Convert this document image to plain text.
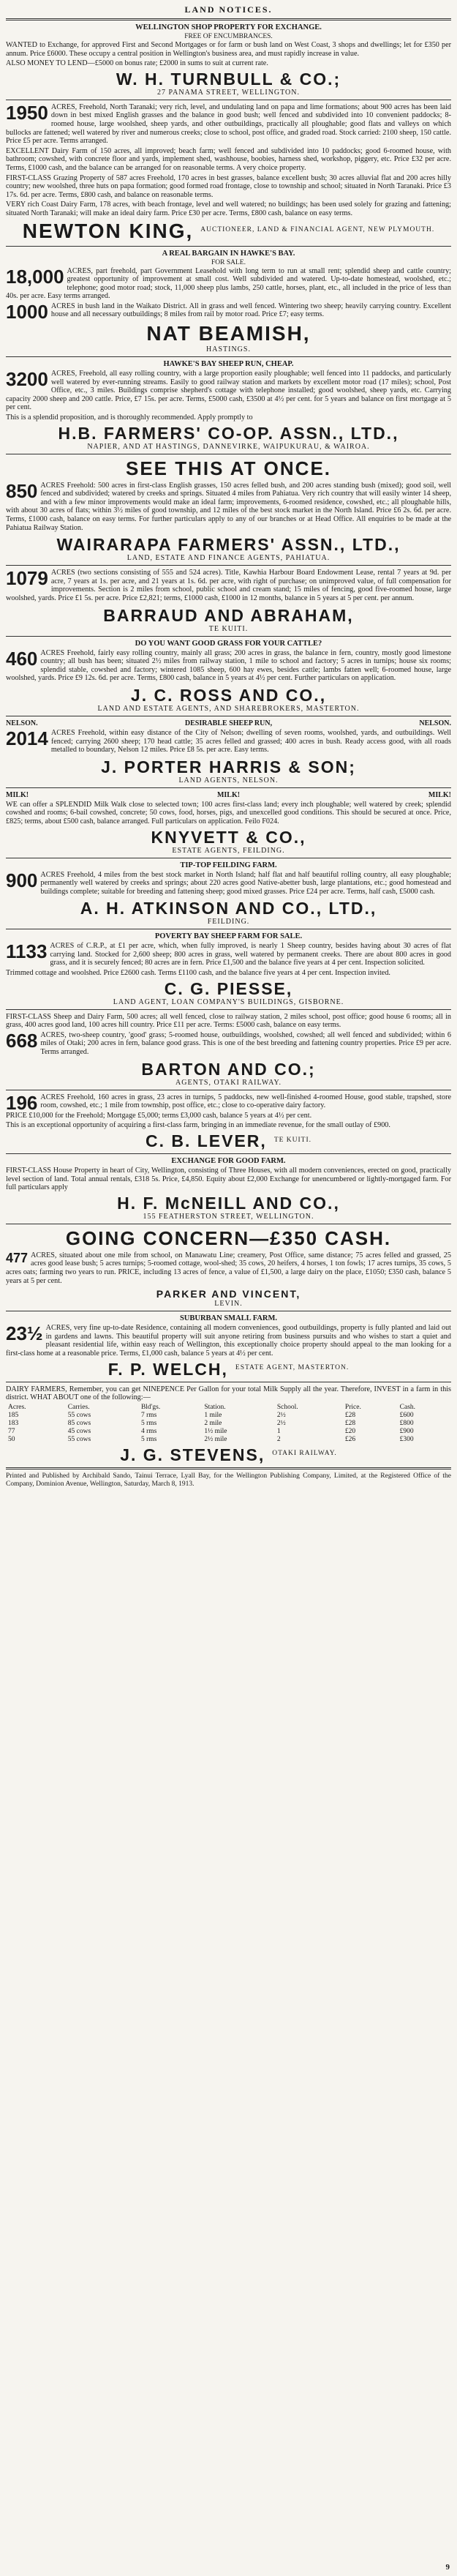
LAND NOTICES.
WELLINGTON SHOP PROPERTY FOR EXCHANGE.
FREE OF ENCUMBRANCES.

WANTED to Exchange, for approved First and Second Mortgages or for farm or bush land on West Coast, 3 shops and dwellings; let for £350 per annum. Price £6000. These occupy a central position in Wellington's business area, and must rapidly increase in value.

ALSO MONEY TO LEND—£5000 on bonus rate; £2000 in sums to suit at current rate.

W. H. TURNBULL & CO.;
27 PANAMA STREET, WELLINGTON.
1950 ACRES, Freehold, North Taranaki; very rich, level, and undulating land on papa and lime formations; about 900 acres has been laid down in best mixed English grasses and the balance in good bush; well fenced and subdivided into 10 convenient paddocks; 8-roomed house, large woolshed, sheep yards, and other outbuildings, practically all ploughable; good flats and valleys on which bullocks are fattened; well watered by river and numerous creeks; close to school, post office, and graded road. Stock carried: 2100 sheep, 150 cattle. Price £5 per acre. Terms arranged.

EXCELLENT Dairy Farm of 150 acres, all improved; beach farm; well fenced and subdivided into 10 paddocks; good 6-roomed house, with bathroom; cowshed, with concrete floor and yards, implement shed, washhouse, boobies, harness shed, workshop, piggery, etc. Price £32 per acre. Terms, £1000 cash, and the balance can be arranged for on reasonable terms. A very choice property.

FIRST-CLASS Grazing Property of 587 acres Freehold, 170 acres in best grasses, balance excellent bush; 30 acres alluvial flat and 200 acres hilly country; new woolshed, three huts on papa formation; good formed road frontage, close to township and school; situated in North Taranaki. Price £3 17s. 6d. per acre. Terms, £800 cash, and balance on reasonable terms.

VERY rich Coast Dairy Farm, 178 acres, with beach frontage, level and well watered; no buildings; has been used solely for grazing and fattening; situated North Taranaki; will make an ideal dairy farm. Price £30 per acre. Terms, £800 cash, balance on easy terms.

NEWTON KING, AUCTIONEER, LAND & FINANCIAL AGENT, NEW PLYMOUTH.
A REAL BARGAIN IN HAWKE'S BAY.
FOR SALE.
18,000 ACRES, part freehold, part Government Leasehold with long term to run at small rent; splendid sheep and cattle country; greatest opportunity of improvement at small cost. Well subdivided and watered. Up-to-date homestead, woolshed, etc.; telephone; good motor road; stock, 11,000 sheep plus lambs, 250 cattle, horses, plant, etc., all included in the price of less than 40s. per acre. Easy terms arranged.

1000 ACRES in bush land in the Waikato District. All in grass and well fenced. Wintering two sheep; heavily carrying country. Excellent house and all necessary outbuildings; 8 miles from rail by motor road. Price £7; easy terms.

NAT BEAMISH,
HASTINGS.
HAWKE'S BAY SHEEP RUN, CHEAP.
3200 ACRES, Freehold, all easy rolling country, with a large proportion easily ploughable; well fenced into 11 paddocks, and particularly well watered by ever-running streams. Easily to good railway station and markets by excellent motor road (17 miles); school, Post Office, etc., 3 miles. Buildings comprise shepherd's cottage with telephone installed; good woolshed, sheep yards, etc. Carrying capacity 2000 sheep and 200 cattle. Price, £7 15s. per acre. Terms, £5000 cash, £3500 at 4½ per cent. for 5 years and balance on first mortgage at 5 per cent.

This is a splendid proposition, and is thoroughly recommended. Apply promptly to

H.B. FARMERS' CO-OP. ASSN., LTD.,
NAPIER, AND AT HASTINGS, DANNEVIRKE, WAIPUKURAU, & WAIROA.
SEE THIS AT ONCE.
850 ACRES Freehold: 500 acres in first-class English grasses, 150 acres felled bush, and 200 acres standing bush (mixed); good soil, well fenced and subdivided; watered by creeks and springs. Situated 4 miles from Pahiatua. Very rich country that will easily winter 14 sheep, and with a few minor improvements would make an ideal farm; improvements, 6-roomed residence, cowshed, etc.; all ploughable hills, with about 30 acres of flats; within 3½ miles of good township, and 12 miles of the best stock market in the North Island. Price £6 2s. 6d. per acre. Terms, £1000 cash, balance on easy terms. For further particulars apply to any of our branches or at Head Office. All enquiries to be made at the Pahiatua Railway Station.

WAIRARAPA FARMERS' ASSN., LTD.,
LAND, ESTATE AND FINANCE AGENTS, PAHIATUA.
1079 ACRES (two sections consisting of 555 and 524 acres). Title, Kawhia Harbour Board Endowment Lease, rental 7 years at 9d. per acre, 7 years at 1s. per acre, and 21 years at 1s. 6d. per acre, with right of purchase; on unimproved value, of full compensation for improvements. Section is 2 miles from school, public school and cream stand; 15 miles of fencing, good five-roomed house, large woolshed, yards. Price £1 5s. per acre. Price £2,821; terms, £1000 cash, £1000 in 12 months, balance in 5 years at 5 per cent. per annum.

BARRAUD AND ABRAHAM,
TE KUITI.
DO YOU WANT GOOD GRASS FOR YOUR CATTLE?
460 ACRES Freehold, fairly easy rolling country, mainly all grass; 200 acres in grass, the balance in fern, country, mostly good limestone country; all bush has been; situated 2½ miles from railway station, 1 mile to school and factory; 5 acres in turnips; house six rooms; splendid stable, cowshed and factory; wintered 1085 sheep, 600 hay ewes, besides cattle; lambs fatten well; 6-roomed house, large woolshed, yards. Price £9 12s. 6d. per acre. Terms, £800 cash, balance in 5 years at 4½ per cent. Further particulars on application.

J. C. ROSS AND CO.,
LAND AND ESTATE AGENTS, AND SHAREBROKERS, MASTERTON.
NELSON.	DESIRABLE SHEEP RUN,	NELSON.
2014 ACRES Freehold, within easy distance of the City of Nelson; dwelling of seven rooms, woolshed, yards, and outbuildings. Well fenced; carrying 2600 sheep; 170 head cattle; 35 acres felled and grassed; 400 acres in bush. Ready access good, with all roads metalled to boundary, Nelson 12 miles. Price £8 5s. per acre. Easy terms.

J. PORTER HARRIS & SON;
LAND AGENTS, NELSON.
MILK!	MILK!	MILK!

WE can offer a SPLENDID Milk Walk close to selected town; 100 acres first-class land; every inch ploughable; well watered by creek; splendid cowshed and rooms; 6-bail cowshed, concrete; 50 cows, food, horses, pigs, and unexcelled good conditions. This should be secured at once. Price, £825; terms, about £500 cash, balance arranged. Full particulars on application. Feilo F024.

KNYVETT & CO.,
ESTATE AGENTS, FEILDING.
TIP-TOP FEILDING FARM.
900 ACRES Freehold, 4 miles from the best stock market in North Island; half flat and half beautiful rolling country, all easy ploughable; permanently well watered by creeks and springs; about 220 acres good Native-abetter bush, large plantations, etc.; good homestead and buildings complete; suitable for breeding and fattening sheep; good mixed grasses. Price £24 per acre. Terms, half cash, £5000 cash.

A. H. ATKINSON AND CO., LTD.,
FEILDING.
POVERTY BAY SHEEP FARM FOR SALE.
1133 ACRES of C.R.P., at £1 per acre, which, when fully improved, is nearly 1 Sheep country, besides having about 30 acres of flat carrying land. Stocked for 2,600 sheep; 800 acres in grass, well watered by permanent creeks. There are about 800 acres in good grass, and it is securely fenced; 80 acres are in fern. Price £1,500 and the balance five years at 4 per cent. Inspection solicited.

Trimmed cottage and woolshed. Price £2600 cash. Terms £1100 cash, and the balance five years at 4 per cent. Inspection invited.

C. G. PIESSE,
LAND AGENT, LOAN COMPANY'S BUILDINGS, GISBORNE.

FIRST-CLASS Sheep and Dairy Farm, 500 acres; all well fenced, close to railway station, 2 miles school, post office; good house 6 rooms; all in grass, 400 acres good land, 100 acres hill country. Price £11 per acre. Terms: £5000 cash, balance on easy terms.

668 ACRES, two-sheep country, 'good' grass; 5-roomed house, outbuildings, woolshed, cowshed; all well fenced and subdivided; within 6 miles of Otaki; 200 acres in fern, balance good grass. This is one of the best breeding and fattening country properties. Price £9 per acre. Terms arranged.

BARTON AND CO.;
AGENTS, OTAKI RAILWAY.
196 ACRES Freehold, 160 acres in grass, 23 acres in turnips, 5 paddocks, new well-finished 4-roomed House, good stable, trapshed, store room, cowshed, etc.; 1 mile from township, post office, etc.; close to co-operative dairy factory.

PRICE £10,000 for the Freehold; Mortgage £5,000; terms £3,000 cash, balance 5 years at 4½ per cent.

This is an exceptional opportunity of acquiring a first-class farm, bringing in an immediate revenue, for the small outlay of £900.

C. B. LEVER, TE KUITI.
EXCHANGE FOR GOOD FARM.

FIRST-CLASS House Property in heart of City, Wellington, consisting of Three Houses, with all modern conveniences, erected on good, practically level section of land. Total annual rentals, £318 5s. Price, £4,850. Equity about £2,000 Exchange for unencumbered or lightly-mortgaged farm. For full particulars apply

H. F. McNEILL AND CO.,
155 FEATHERSTON STREET, WELLINGTON.
GOING CONCERN—£350 CASH.
477 ACRES, situated about one mile from school, on Manawatu Line; creamery, Post Office, same distance; 75 acres felled and grassed, 25 acres good lease bush; 5 acres turnips; 5-roomed cottage, wool-shed; 35 cows, 20 heifers, 4 horses, 1 ton fowls; 17 acres turnips, 35 cows, 5 acres oats; farming two years to run. PRICE, including 13 acres of fence, a value of £1,500, a large dairy on the place, £1050; £350 cash, balance 5 years at 5 per cent.

PARKER AND VINCENT,
LEVIN.
SUBURBAN SMALL FARM.
23½ ACRES, very fine up-to-date Residence, containing all modern conveniences, good outbuildings, property is fully planted and laid out in gardens and lawns. This beautiful property will suit anyone retiring from business pursuits and who wishes to start a quiet and pleasant residential life, within easy reach of Wellington, this exceptionally choice property should appeal to the man looking for a first-class home at a reasonable price. Terms, £1,000 cash, balance 5 years at 4½ per cent.

F. P. WELCH, ESTATE AGENT, MASTERTON.

DAIRY FARMERS, Remember, you can get NINEPENCE Per Gallon for your total Milk Supply all the year. Therefore, INVEST in a farm in this district. WHAT ABOUT one of the following:—

Acres.	Carries.	Bld'gs.	Station.	School.	Price.	Cash.
185	55 cows	7 rms	1 mile	2½	£28	£600
183	85 cows	5 rms	2 mile	2½	£28	£800
77	45 cows	4 rms	1½ mile	1	£20	£900
50	55 cows	5 rms	2½ mile	2	£26	£300
J. G. STEVENS, OTAKI RAILWAY.

Printed and Published by Archibald Sando, Tainui Terrace, Lyall Bay, for the Wellington Publishing Company, Limited, at the Registered Office of the Company, Dominion Avenue, Wellington, Saturday, March 8, 1913.

9
